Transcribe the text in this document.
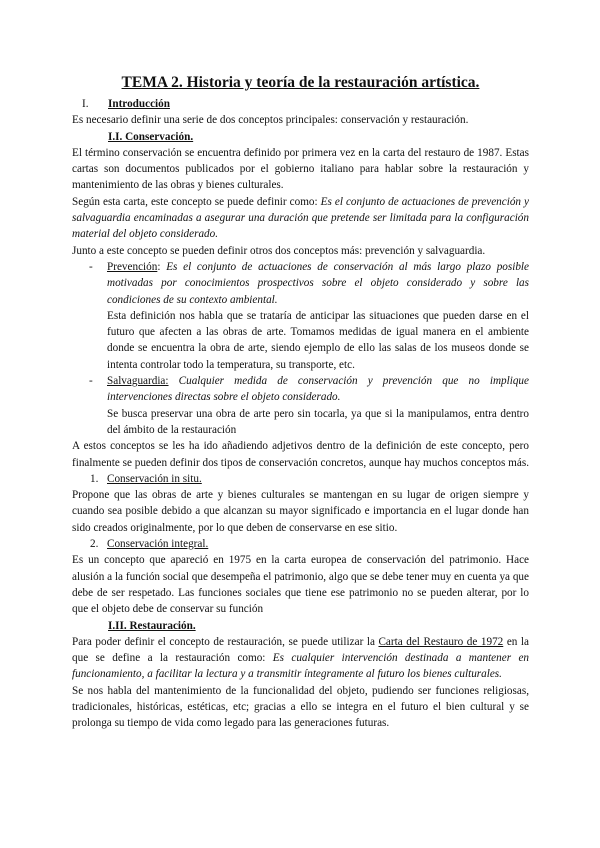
TEMA 2. Historia y teoría de la restauración artística.
I. Introducción

Es necesario definir una serie de dos conceptos principales: conservación y restauración.

I.I. Conservación.

El término conservación se encuentra definido por primera vez en la carta del restauro de 1987. Estas cartas son documentos publicados por el gobierno italiano para hablar sobre la restauración y mantenimiento de las obras y bienes culturales.

Según esta carta, este concepto se puede definir como: Es el conjunto de actuaciones de prevención y salvaguardia encaminadas a asegurar una duración que pretende ser limitada para la configuración material del objeto considerado.

Junto a este concepto se pueden definir otros dos conceptos más: prevención y salvaguardia.

- Prevención: Es el conjunto de actuaciones de conservación al más largo plazo posible motivadas por conocimientos prospectivos sobre el objeto considerado y sobre las condiciones de su contexto ambiental.

Esta definición nos habla que se trataría de anticipar las situaciones que pueden darse en el futuro que afecten a las obras de arte. Tomamos medidas de igual manera en el ambiente donde se encuentra la obra de arte, siendo ejemplo de ello las salas de los museos donde se intenta controlar todo la temperatura, su transporte, etc.

- Salvaguardia: Cualquier medida de conservación y prevención que no implique intervenciones directas sobre el objeto considerado.

Se busca preservar una obra de arte pero sin tocarla, ya que si la manipulamos, entra dentro del ámbito de la restauración

A estos conceptos se les ha ido añadiendo adjetivos dentro de la definición de este concepto, pero finalmente se pueden definir dos tipos de conservación concretos, aunque hay muchos conceptos más.

1. Conservación in situ.

Propone que las obras de arte y bienes culturales se mantengan en su lugar de origen siempre y cuando sea posible debido a que alcanzan su mayor significado e importancia en el lugar donde han sido creados originalmente, por lo que deben de conservarse en ese sitio.

2. Conservación integral.

Es un concepto que apareció en 1975 en la carta europea de conservación del patrimonio. Hace alusión a la función social que desempeña el patrimonio, algo que se debe tener muy en cuenta ya que debe de ser respetado. Las funciones sociales que tiene ese patrimonio no se pueden alterar, por lo que el objeto debe de conservar su función

I.II. Restauración.

Para poder definir el concepto de restauración, se puede utilizar la Carta del Restauro de 1972 en la que se define a la restauración como: Es cualquier intervención destinada a mantener en funcionamiento, a facilitar la lectura y a transmitir íntegramente al futuro los bienes culturales.

Se nos habla del mantenimiento de la funcionalidad del objeto, pudiendo ser funciones religiosas, tradicionales, históricas, estéticas, etc; gracias a ello se integra en el futuro el bien cultural y se prolonga su tiempo de vida como legado para las generaciones futuras.
